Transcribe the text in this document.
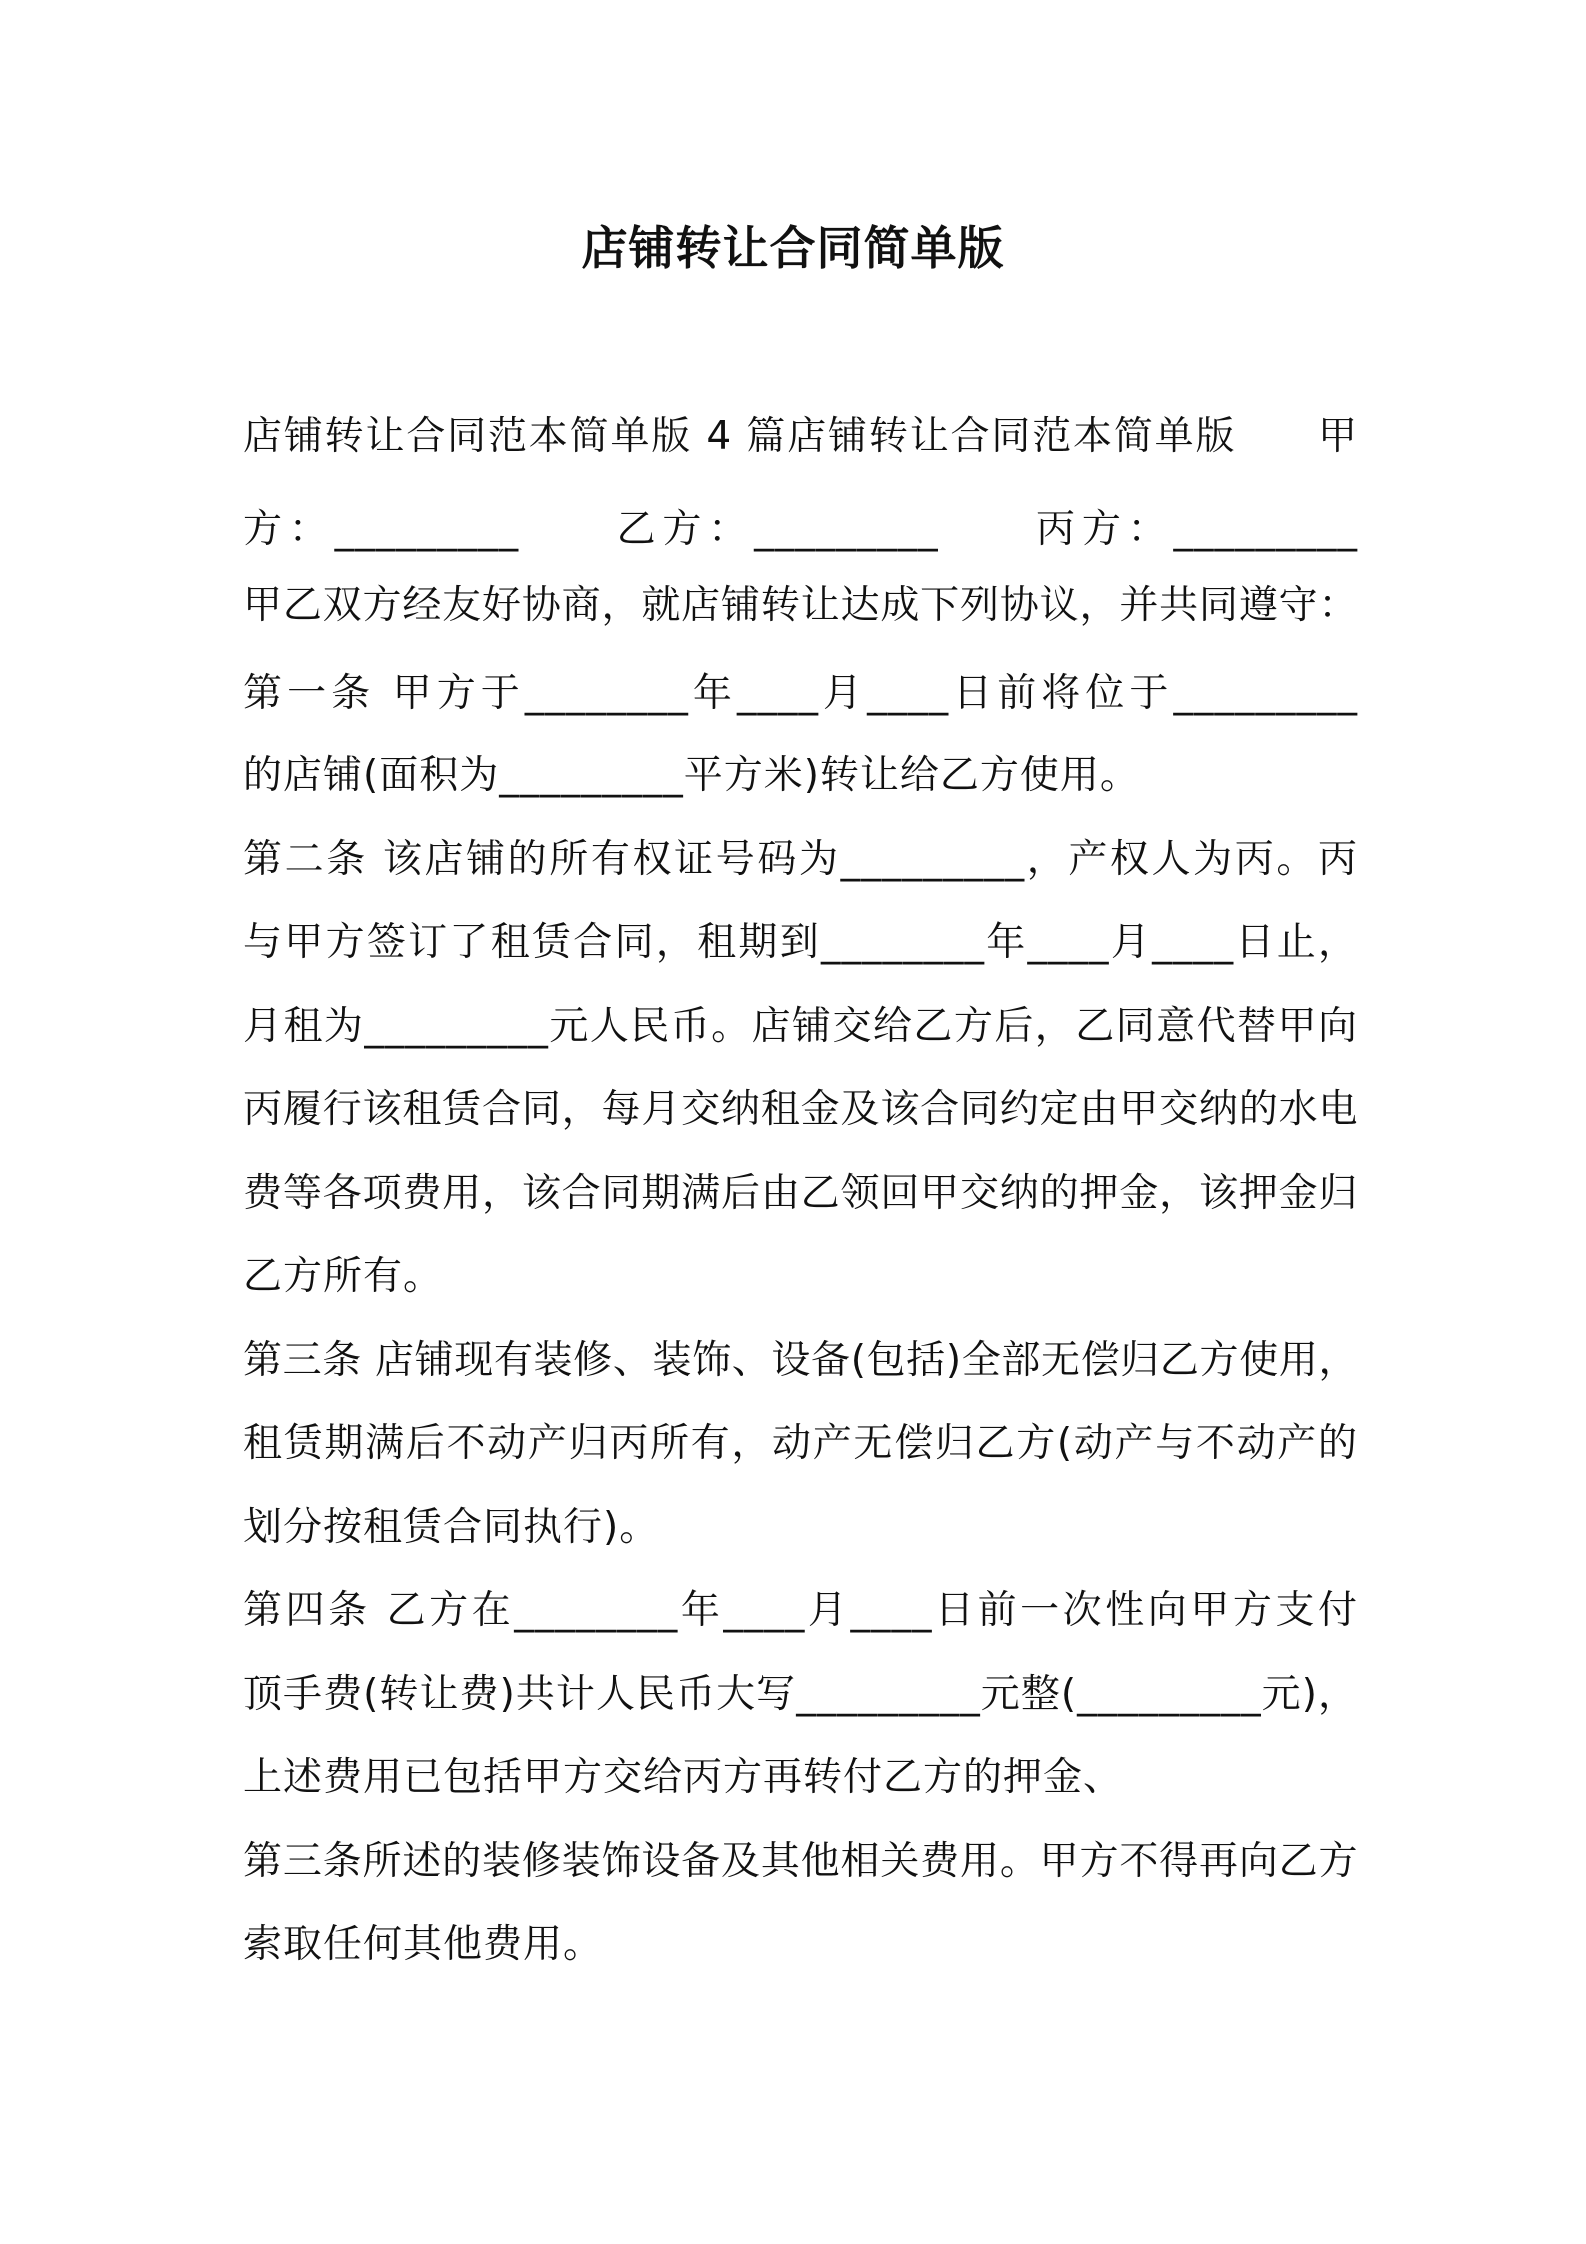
店铺转让合同简单版
店铺转让合同范本简单版 4 篇店铺转让合同范本简单版　　甲
方：_________　　乙方：_________　　丙方：_________
甲乙双方经友好协商，就店铺转让达成下列协议，并共同遵守：
第一条 甲方于________年____月____日前将位于_________
的店铺(面积为_________平方米)转让给乙方使用。
第二条 该店铺的所有权证号码为_________，产权人为丙。丙
与甲方签订了租赁合同，租期到________年____月____日止，
月租为_________元人民币。店铺交给乙方后，乙同意代替甲向
丙履行该租赁合同，每月交纳租金及该合同约定由甲交纳的水电
费等各项费用，该合同期满后由乙领回甲交纳的押金，该押金归
乙方所有。
第三条 店铺现有装修、装饰、设备(包括)全部无偿归乙方使用，
租赁期满后不动产归丙所有，动产无偿归乙方(动产与不动产的
划分按租赁合同执行)。
第四条 乙方在________年____月____日前一次性向甲方支付
顶手费(转让费)共计人民币大写_________元整(_________元)，
上述费用已包括甲方交给丙方再转付乙方的押金、
第三条所述的装修装饰设备及其他相关费用。甲方不得再向乙方
索取任何其他费用。
